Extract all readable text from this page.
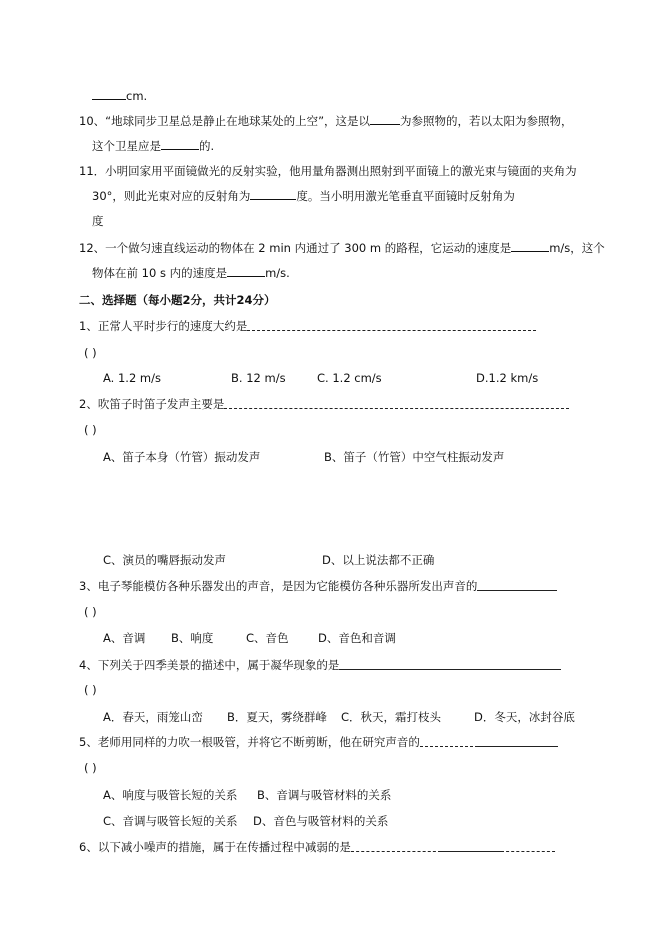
cm.
10、“地球同步卫星总是静止在地球某处的上空”，这是以	为参照物的，若以太阳为参照物，
这个卫星应是	的.
11．小明回家用平面镜做光的反射实验，他用量角器测出照射到平面镜上的激光束与镜面的夹角为
30°，则此光束对应的反射角为	度。当小明用激光笔垂直平面镜时反射角为
度
12、一个做匀速直线运动的物体在 2 min 内通过了 300 m 的路程，它运动的速度是	m/s，这个
物体在前 10 s 内的速度是	m/s.
二、选择题（每小题2分，共计24分）
1、正常人平时步行的速度大约是
( )
A. 1.2 m/s	B. 12 m/s	C. 1.2 cm/s	D.1.2 km/s
2、吹笛子时笛子发声主要是
( )
A、笛子本身（竹管）振动发声	B、笛子（竹管）中空气柱振动发声
C、演员的嘴唇振动发声	D、以上说法都不正确
3、电子琴能模仿各种乐器发出的声音，是因为它能模仿各种乐器所发出声音的
( )
A、音调 B、响度	C、音色	D、音色和音调
4、下列关于四季美景的描述中，属于凝华现象的是
( )
A．春天，雨笼山峦 B．夏天，雾绕群峰 C．秋天，霜打枝头	D．冬天，冰封谷底
5、老师用同样的力吹一根吸管，并将它不断剪断，他在研究声音的
( )
A、响度与吸管长短的关系 B、音调与吸管材料的关系
C、音调与吸管长短的关系 D、音色与吸管材料的关系
6、以下减小噪声的措施，属于在传播过程中减弱的是
